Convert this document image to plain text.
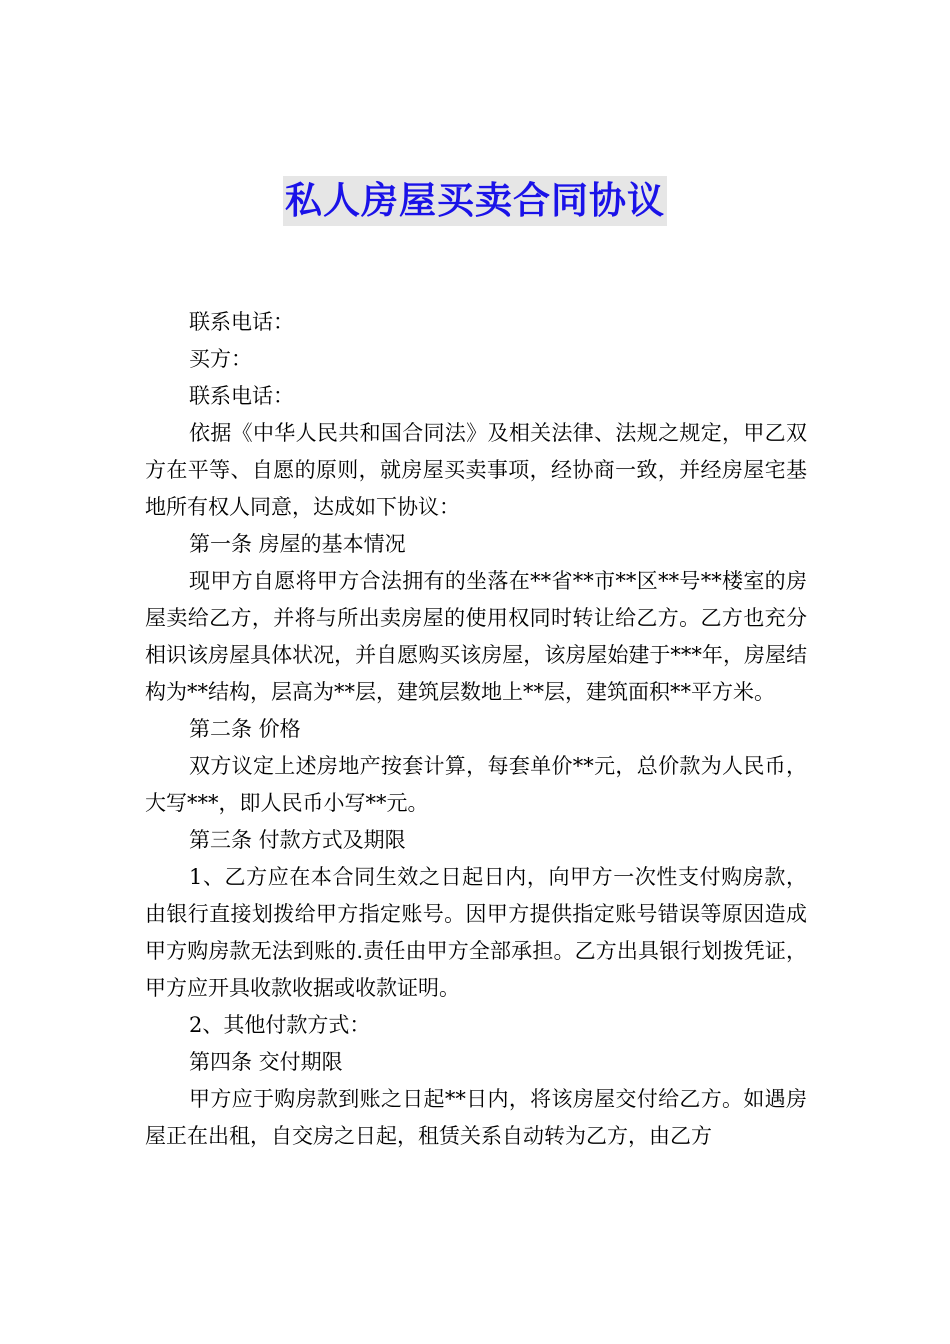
私人房屋买卖合同协议

联系电话：

买方：

联系电话：

依据《中华人民共和国合同法》及相关法律、法规之规定，甲乙双方在平等、自愿的原则，就房屋买卖事项，经协商一致，并经房屋宅基地所有权人同意，达成如下协议：

第一条 房屋的基本情况

现甲方自愿将甲方合法拥有的坐落在**省**市**区**号**楼室的房屋卖给乙方，并将与所出卖房屋的使用权同时转让给乙方。乙方也充分相识该房屋具体状况，并自愿购买该房屋，该房屋始建于***年，房屋结构为**结构，层高为**层，建筑层数地上**层，建筑面积**平方米。

第二条 价格

双方议定上述房地产按套计算，每套单价**元，总价款为人民币，大写***，即人民币小写**元。

第三条 付款方式及期限

1、乙方应在本合同生效之日起日内，向甲方一次性支付购房款，由银行直接划拨给甲方指定账号。因甲方提供指定账号错误等原因造成甲方购房款无法到账的.责任由甲方全部承担。乙方出具银行划拨凭证，甲方应开具收款收据或收款证明。

2、其他付款方式：

第四条 交付期限

甲方应于购房款到账之日起**日内，将该房屋交付给乙方。如遇房屋正在出租，自交房之日起，租赁关系自动转为乙方，由乙方
